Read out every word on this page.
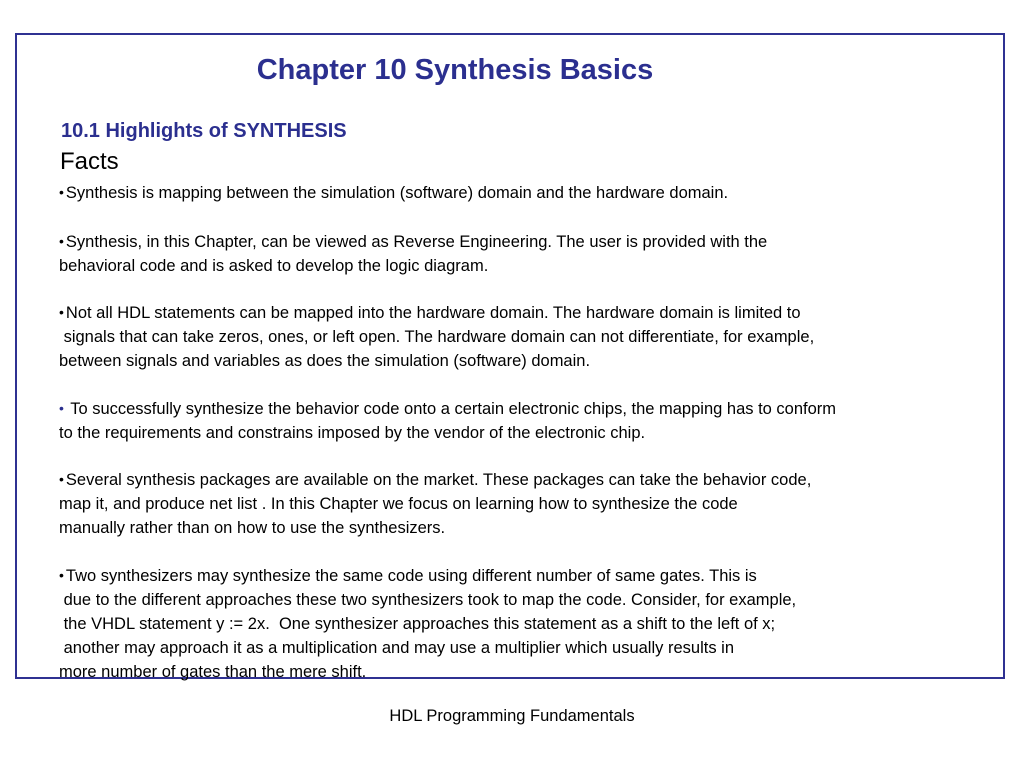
Chapter 10 Synthesis Basics
10.1 Highlights of SYNTHESIS
Facts
• Synthesis is mapping between the simulation (software) domain and the hardware domain.
• Synthesis, in this Chapter, can be viewed as Reverse Engineering. The user is provided with the
behavioral code and is asked to develop the logic diagram.
• Not all HDL statements can be mapped into the hardware domain. The hardware domain is limited to
signals that can take zeros, ones, or left open. The hardware domain can not differentiate, for example,
between signals and variables as does the simulation (software) domain.
• To successfully synthesize the behavior code onto a certain electronic chips, the mapping has to conform
to the requirements and constrains imposed by the vendor of the electronic chip.
• Several synthesis packages are available on the market. These packages can take the behavior code,
map it, and produce net list . In this Chapter we focus on learning how to synthesize the code
manually rather than on how to use the synthesizers.
• Two synthesizers may synthesize the same code using different number of same gates. This is
due to the different approaches these two synthesizers took to map the code. Consider, for example,
the VHDL statement y := 2x.  One synthesizer approaches this statement as a shift to the left of x;
another may approach it as a multiplication and may use a multiplier which usually results in
more number of gates than the mere shift.
HDL Programming Fundamentals
